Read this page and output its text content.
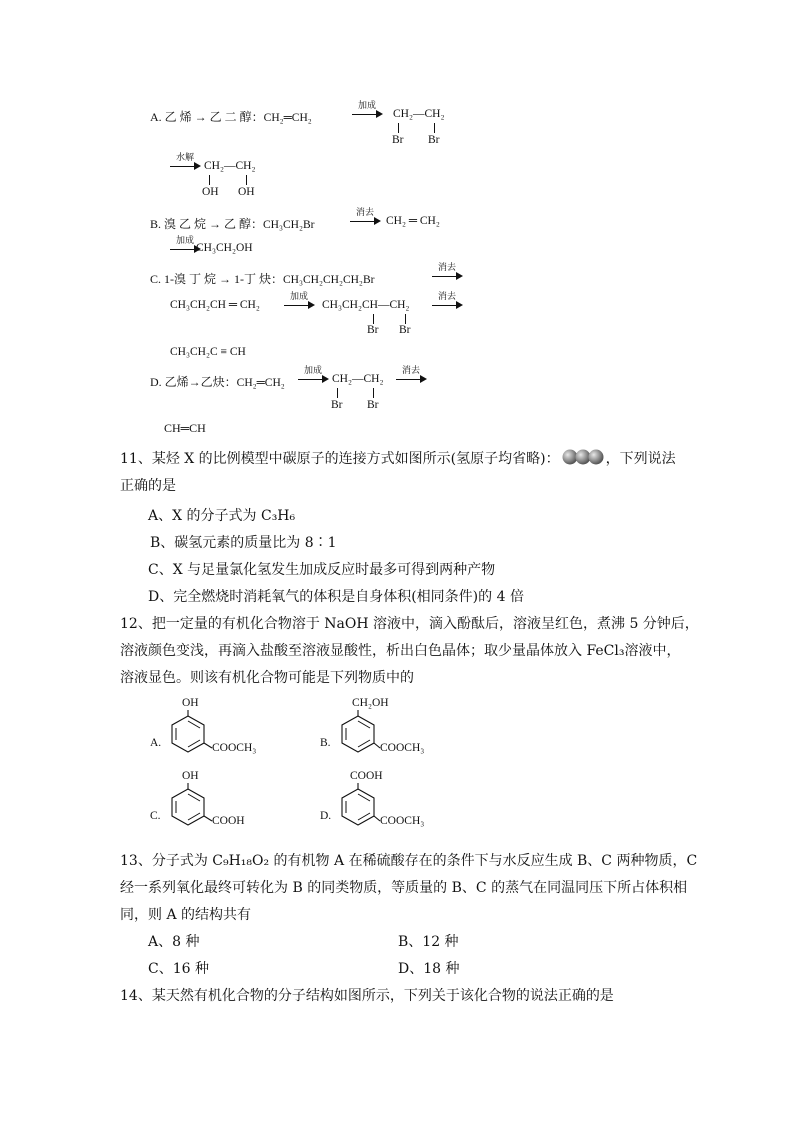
A. 乙 烯 → 乙 二 醇：CH₂═CH₂
加成
CH₂—CH₂
Br Br
水解
CH₂—CH₂
OH OH
B. 溴 乙 烷 → 乙 醇：CH₃CH₂Br
消去
CH₂ ═ CH₂
加成
CH₃CH₂OH
C. 1-溴 丁 烷 → 1-丁 炔：CH₃CH₂CH₂CH₂Br
消去
CH₃CH₂CH ═ CH₂
加成
CH₃CH₂CH—CH₂
Br Br
消去
CH₃CH₂C ≡ CH
D. 乙烯→乙炔：CH₂═CH₂
加成
CH₂—CH₂
Br Br
消去
CH═CH
11、某烃 X 的比例模型中碳原子的连接方式如图所示(氢原子均省略)：	，下列说法
正确的是
A、X 的分子式为 C₃H₆
B、碳氢元素的质量比为 8∶1
C、X 与足量氯化氢发生加成反应时最多可得到两种产物
D、完全燃烧时消耗氧气的体积是自身体积(相同条件)的 4 倍
12、把一定量的有机化合物溶于 NaOH 溶液中，滴入酚酞后，溶液呈红色，煮沸 5 分钟后，
溶液颜色变浅，再滴入盐酸至溶液显酸性，析出白色晶体；取少量晶体放入 FeCl₃溶液中，
溶液显色。则该有机化合物可能是下列物质中的
A.
OH
COOCH₃	B.
CH₂OH
COOCH₃
C.
OH
COOH	D.
COOH
COOCH₃
13、分子式为 C₉H₁₈O₂ 的有机物 A 在稀硫酸存在的条件下与水反应生成 B、C 两种物质，C
经一系列氧化最终可转化为 B 的同类物质，等质量的 B、C 的蒸气在同温同压下所占体积相
同，则 A 的结构共有
A、8 种	B、12 种
C、16 种	D、18 种
14、某天然有机化合物的分子结构如图所示，下列关于该化合物的说法正确的是
